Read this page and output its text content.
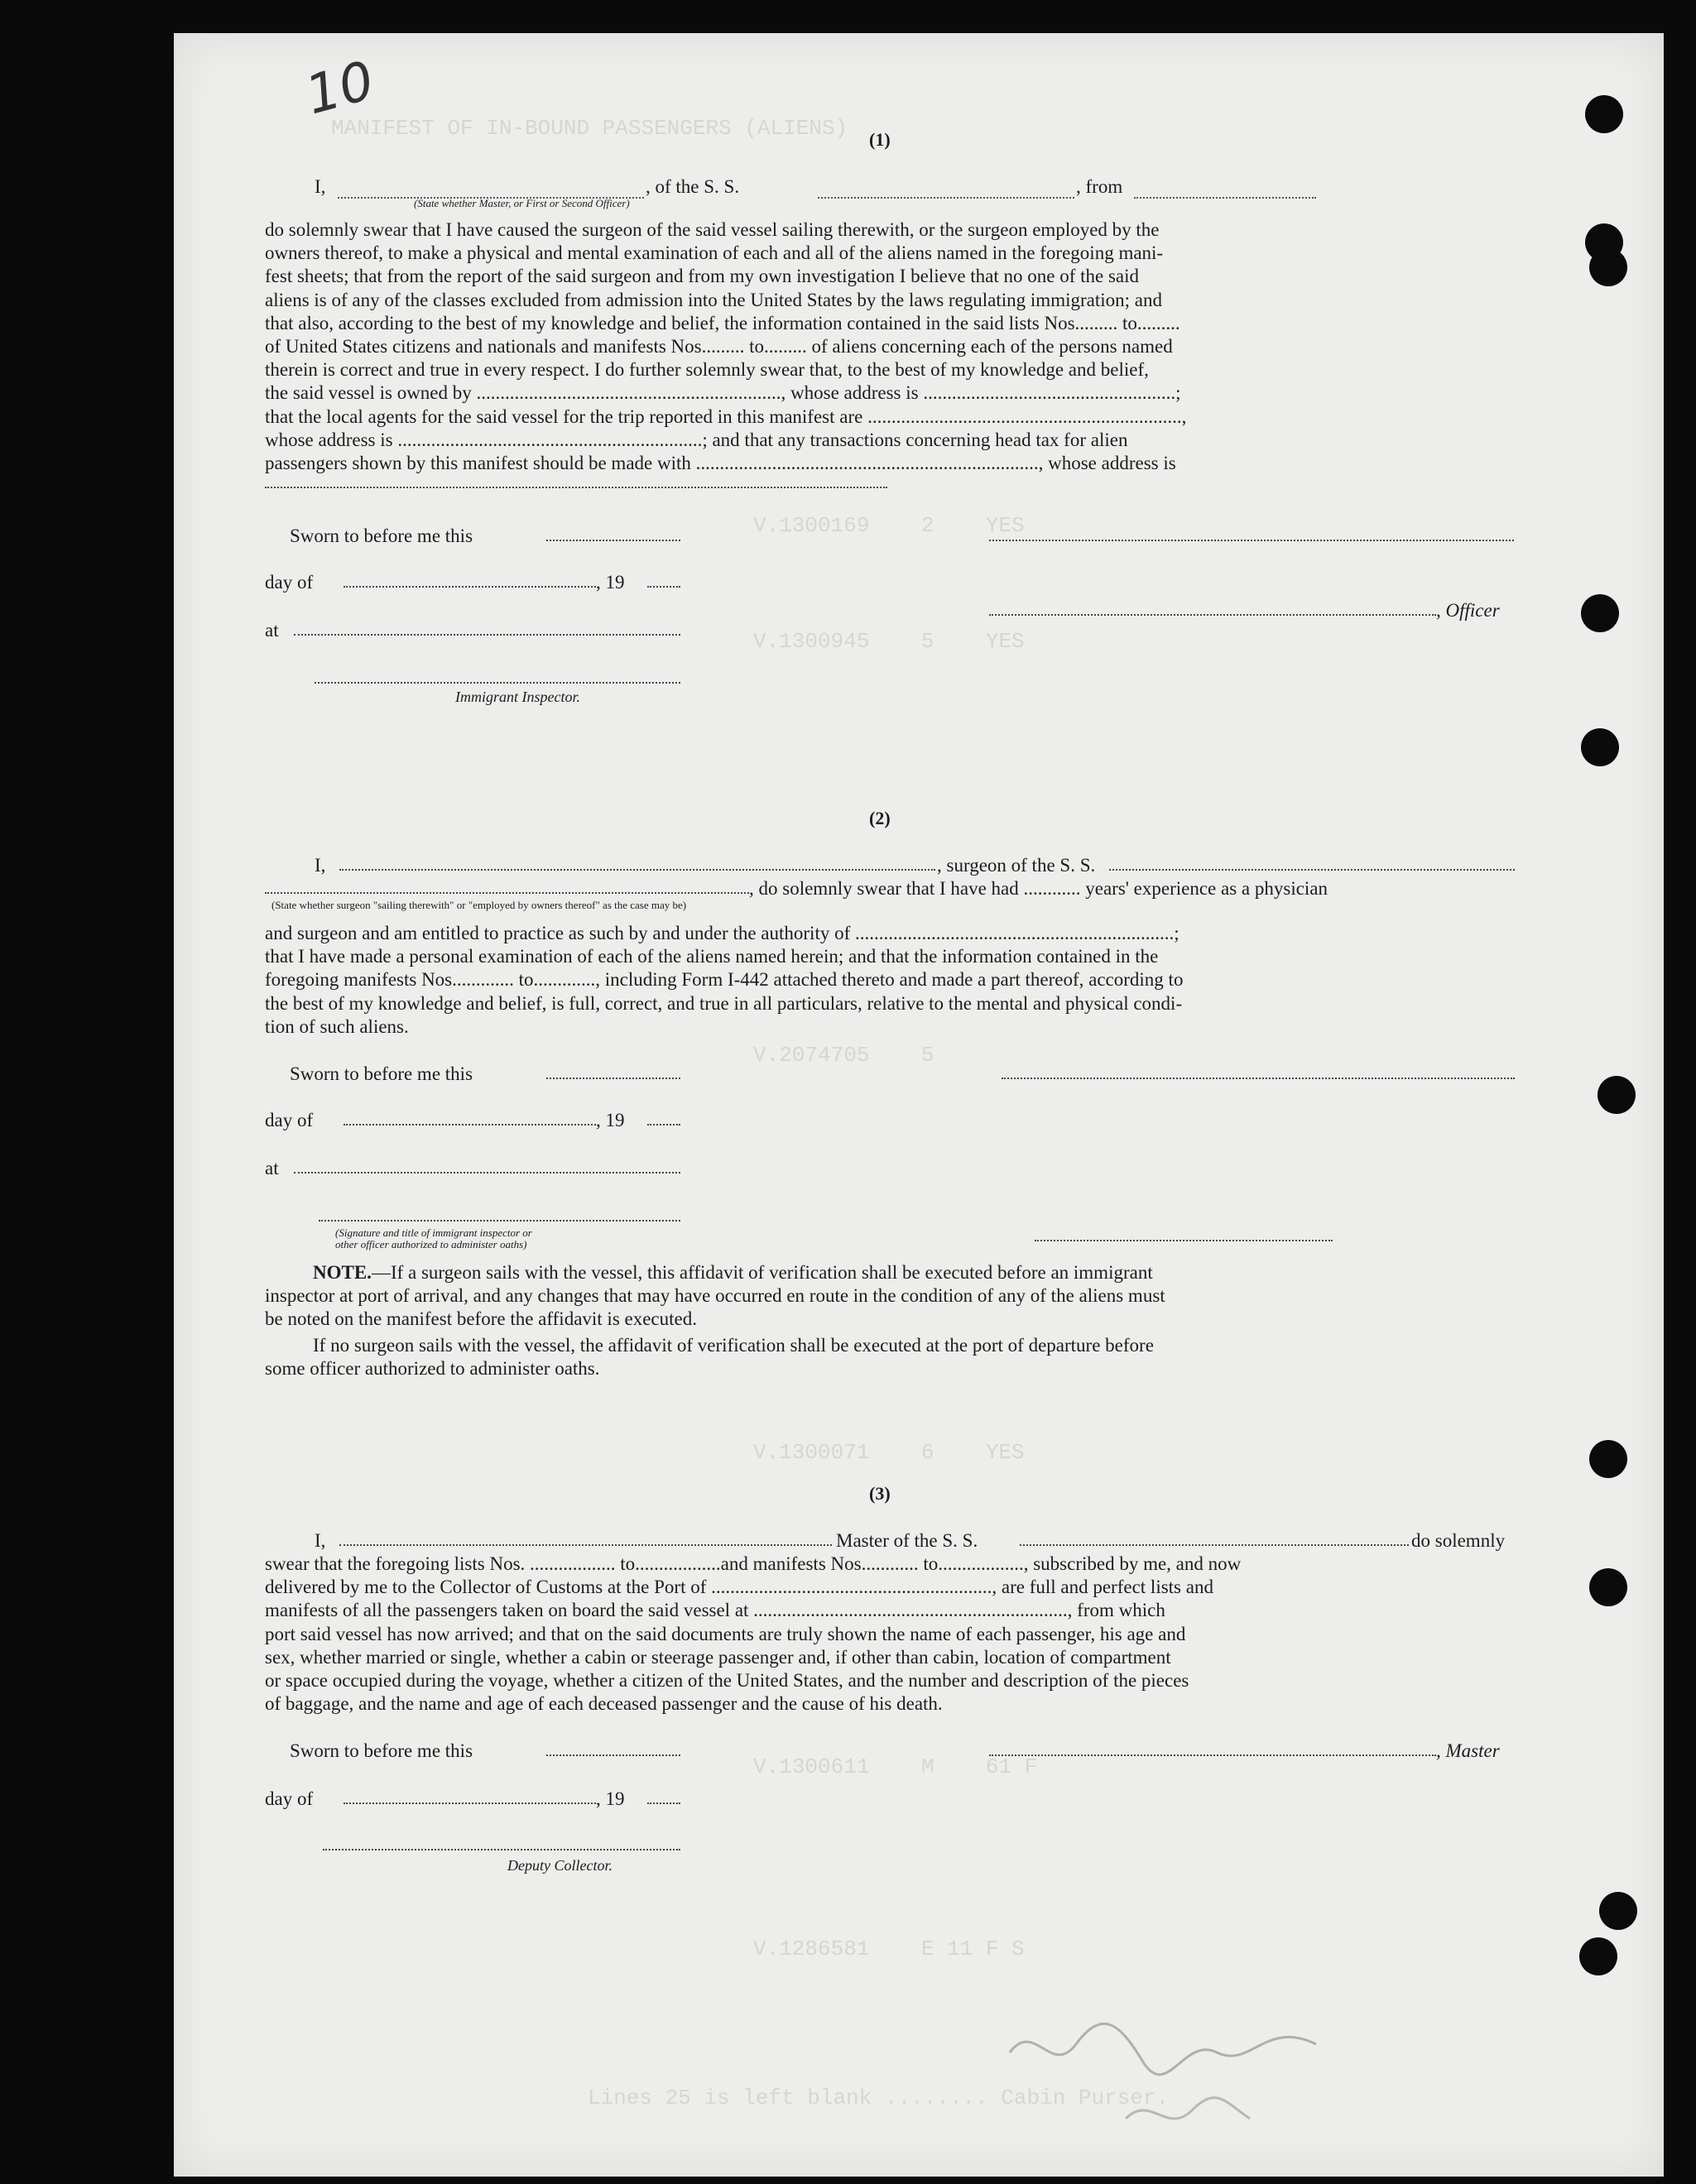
MANIFEST OF IN-BOUND PASSENGERS (ALIENS)
V.1300169    2    YES
V.1300945    5    YES
V.2074705    5
V.1300071    6    YES
V.1300611    M    61 F
V.1286581    E 11 F S
Lines 25 is left blank ........ Cabin Purser.
10
(1)
I,	, of the S. S.	, from
(State whether Master, or First or Second Officer)
do solemnly swear that I have caused the surgeon of the said vessel sailing therewith, or the surgeon employed by the
owners thereof, to make a physical and mental examination of each and all of the aliens named in the foregoing mani-
fest sheets; that from the report of the said surgeon and from my own investigation I believe that no one of the said
aliens is of any of the classes excluded from admission into the United States by the laws regulating immigration; and
that also, according to the best of my knowledge and belief, the information contained in the said lists Nos......... to.........
of United States citizens and nationals and manifests Nos......... to......... of aliens concerning each of the persons named
therein is correct and true in every respect. I do further solemnly swear that, to the best of my knowledge and belief,
the said vessel is owned by ................................................................, whose address is .....................................................;
that the local agents for the said vessel for the trip reported in this manifest are ..................................................................,
whose address is ................................................................; and that any transactions concerning head tax for alien
passengers shown by this manifest should be made with ........................................................................, whose address is
Sworn to before me this
day of	, 19
, Officer
at
Immigrant Inspector.
(2)
I,	, surgeon of the S. S.
, do solemnly swear that I have had ............ years' experience as a physician
(State whether surgeon "sailing therewith" or "employed by owners thereof" as the case may be)
and surgeon and am entitled to practice as such by and under the authority of ...................................................................;
that I have made a personal examination of each of the aliens named herein; and that the information contained in the
foregoing manifests Nos............. to............., including Form I-442 attached thereto and made a part thereof, according to
the best of my knowledge and belief, is full, correct, and true in all particulars, relative to the mental and physical condi-
tion of such aliens.
Sworn to before me this
day of	, 19
at
(Signature and title of immigrant inspector or
other officer authorized to administer oaths)
NOTE.—If a surgeon sails with the vessel, this affidavit of verification shall be executed before an immigrant
inspector at port of arrival, and any changes that may have occurred en route in the condition of any of the aliens must
be noted on the manifest before the affidavit is executed.
If no surgeon sails with the vessel, the affidavit of verification shall be executed at the port of departure before
some officer authorized to administer oaths.
(3)
I,	Master of the S. S.	do solemnly
swear that the foregoing lists Nos. .................. to..................and manifests Nos............ to.................., subscribed by me, and now
delivered by me to the Collector of Customs at the Port of ..........................................................., are full and perfect lists and
manifests of all the passengers taken on board the said vessel at .................................................................., from which
port said vessel has now arrived; and that on the said documents are truly shown the name of each passenger, his age and
sex, whether married or single, whether a cabin or steerage passenger and, if other than cabin, location of compartment
or space occupied during the voyage, whether a citizen of the United States, and the number and description of the pieces
of baggage, and the name and age of each deceased passenger and the cause of his death.
Sworn to before me this	, Master
day of	, 19
Deputy Collector.
